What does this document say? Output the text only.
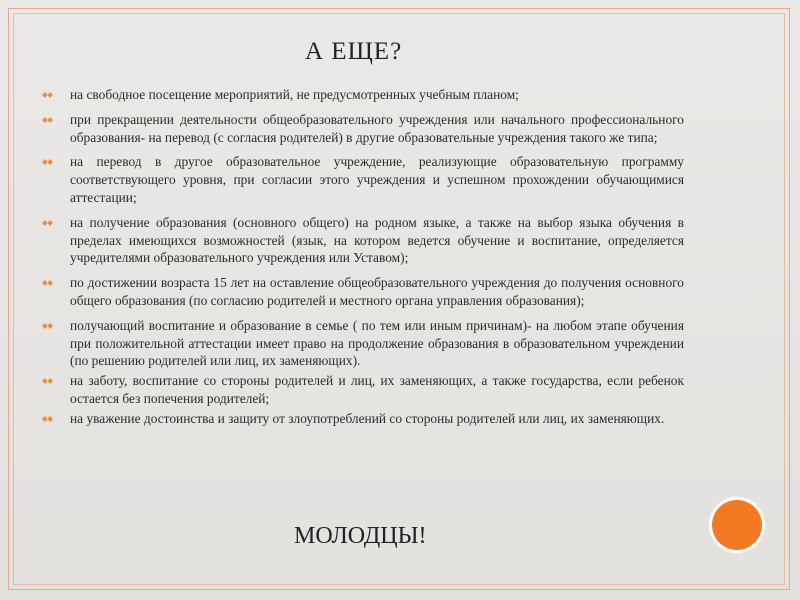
А ЕЩЕ?
на свободное посещение мероприятий, не предусмотренных учебным планом;
при прекращении деятельности общеобразовательного учреждения или начального профессионального образования- на перевод (с согласия родителей) в другие образовательные учреждения такого же типа;
на перевод в другое образовательное учреждение, реализующие образовательную программу соответствующего уровня, при согласии этого учреждения и успешном прохождении обучающимися аттестации;
на получение образования (основного общего) на родном языке, а также на выбор языка обучения в пределах имеющихся возможностей (язык, на котором ведется обучение и воспитание, определяется учредителями образовательного учреждения или Уставом);
по достижении возраста 15 лет на оставление общеобразовательного учреждения до получения основного общего образования (по согласию родителей и местного органа управления образования);
получающий воспитание и образование в семье ( по тем или иным причинам)- на любом этапе обучения при положительной аттестации имеет право на продолжение образования в образовательном учреждении (по решению родителей или лиц, их заменяющих).
на заботу, воспитание со стороны родителей и лиц, их заменяющих, а также государства, если ребенок остается без попечения родителей;
на уважение достоинства и защиту от злоупотреблений со стороны родителей или лиц, их заменяющих.
МОЛОДЦЫ!
